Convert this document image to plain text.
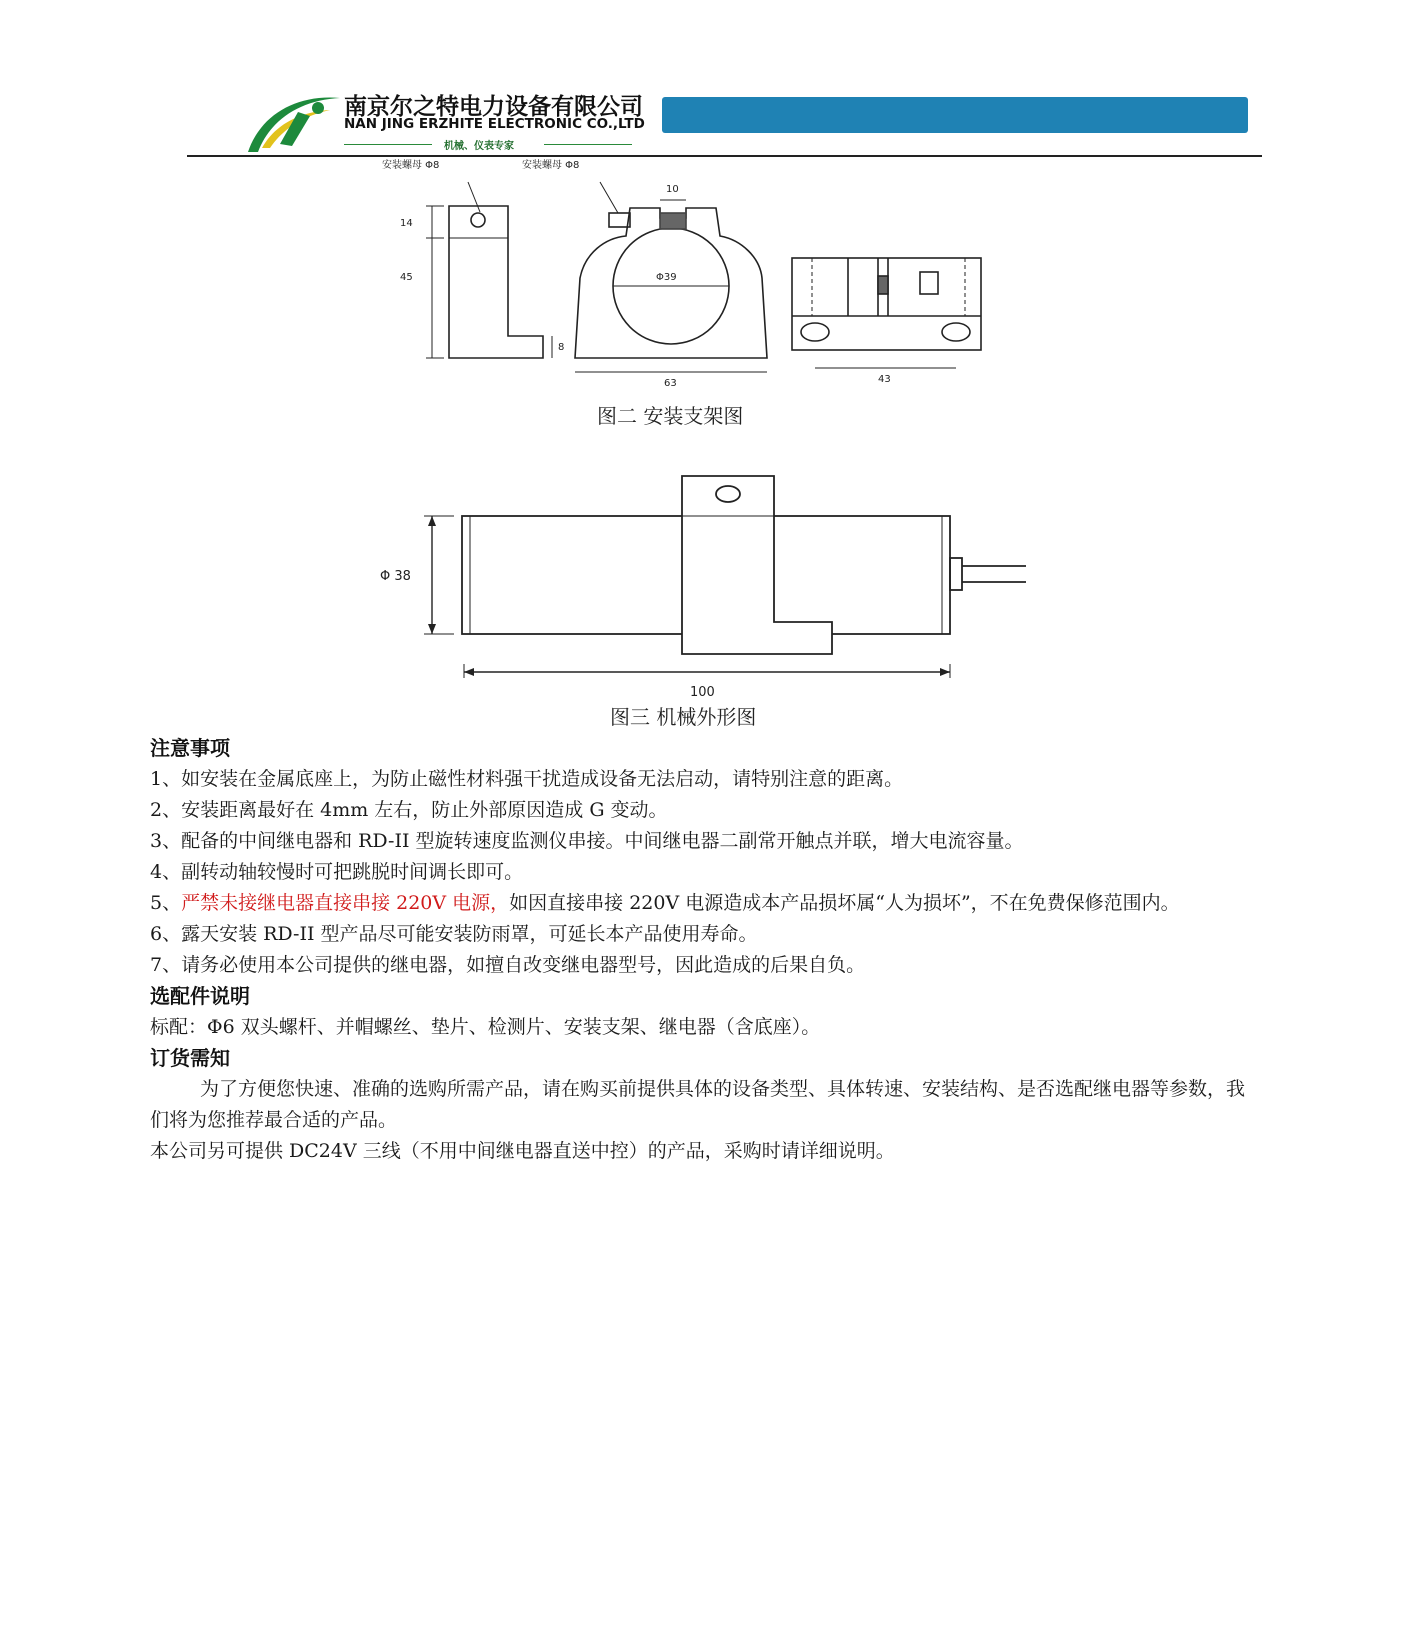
南京尔之特电力设备有限公司
NAN JING ERZHITE ELECTRONIC CO.,LTD
机械、仪表专家
安装螺母 Φ8	安装螺母 Φ8
14
45
8
10
Φ39
63	43
图二 安装支架图
Φ 38
100
图三 机械外形图
注意事项
1、如安装在金属底座上，为防止磁性材料强干扰造成设备无法启动，请特别注意的距离。
2、安装距离最好在 4mm 左右，防止外部原因造成 G 变动。
3、配备的中间继电器和 RD-II 型旋转速度监测仪串接。中间继电器二副常开触点并联，增大电流容量。
4、副转动轴较慢时可把跳脱时间调长即可。
5、严禁未接继电器直接串接 220V 电源，如因直接串接 220V 电源造成本产品损坏属“人为损坏”，不在免费保修范围内。
6、露天安装 RD-II 型产品尽可能安装防雨罩，可延长本产品使用寿命。
7、请务必使用本公司提供的继电器，如擅自改变继电器型号，因此造成的后果自负。
选配件说明
标配：Φ6 双头螺杆、并帽螺丝、垫片、检测片、安装支架、继电器（含底座）。
订货需知
为了方便您快速、准确的选购所需产品，请在购买前提供具体的设备类型、具体转速、安装结构、是否选配继电器等参数，我们将为您推荐最合适的产品。
本公司另可提供 DC24V 三线（不用中间继电器直送中控）的产品，采购时请详细说明。
